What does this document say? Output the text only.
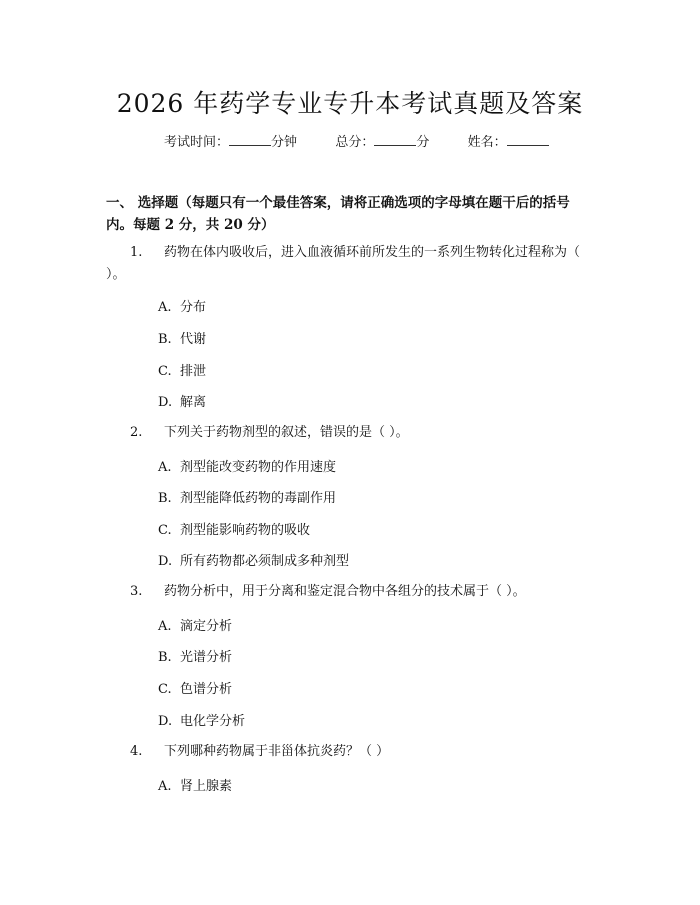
2026 年药学专业专升本考试真题及答案
考试时间：	分钟	总分：	分	姓名：
一、 选择题（每题只有一个最佳答案，请将正确选项的字母填在题干后的括号内。每题 2 分，共 20 分）
1. 药物在体内吸收后，进入血液循环前所发生的一系列生物转化过程称为（ ）。
A. 分布
B. 代谢
C. 排泄
D. 解离
2. 下列关于药物剂型的叙述，错误的是（ ）。
A. 剂型能改变药物的作用速度
B. 剂型能降低药物的毒副作用
C. 剂型能影响药物的吸收
D. 所有药物都必须制成多种剂型
3. 药物分析中，用于分离和鉴定混合物中各组分的技术属于（ ）。
A. 滴定分析
B. 光谱分析
C. 色谱分析
D. 电化学分析
4. 下列哪种药物属于非甾体抗炎药？（ ）
A. 肾上腺素
